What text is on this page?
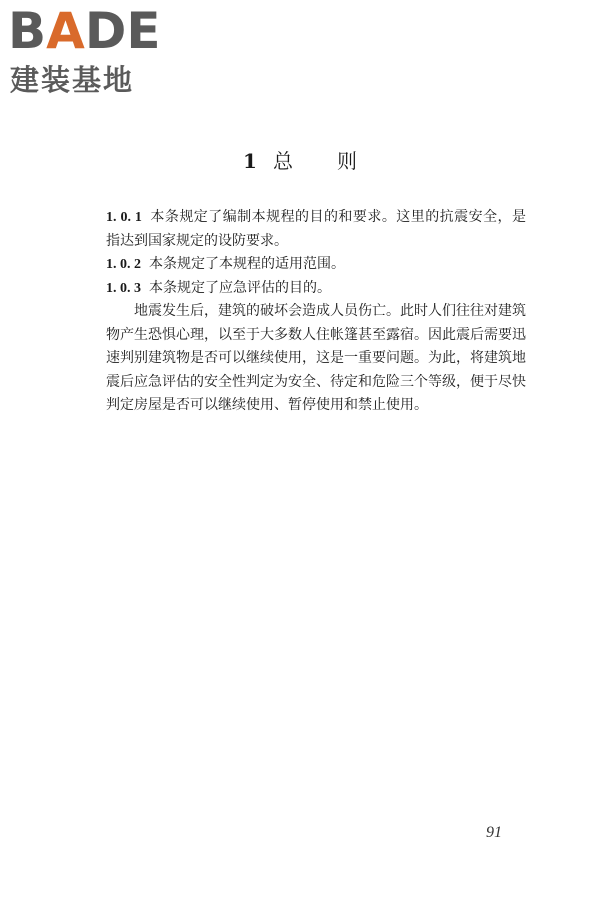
BADE
建装基地
1 总 则

1. 0. 1 本条规定了编制本规程的目的和要求。这里的抗震安全，是指达到国家规定的设防要求。

1. 0. 2 本条规定了本规程的适用范围。

1. 0. 3 本条规定了应急评估的目的。

地震发生后，建筑的破坏会造成人员伤亡。此时人们往往对建筑物产生恐惧心理，以至于大多数人住帐篷甚至露宿。因此震后需要迅速判别建筑物是否可以继续使用，这是一重要问题。为此，将建筑地震后应急评估的安全性判定为安全、待定和危险三个等级，便于尽快判定房屋是否可以继续使用、暂停使用和禁止使用。

91
